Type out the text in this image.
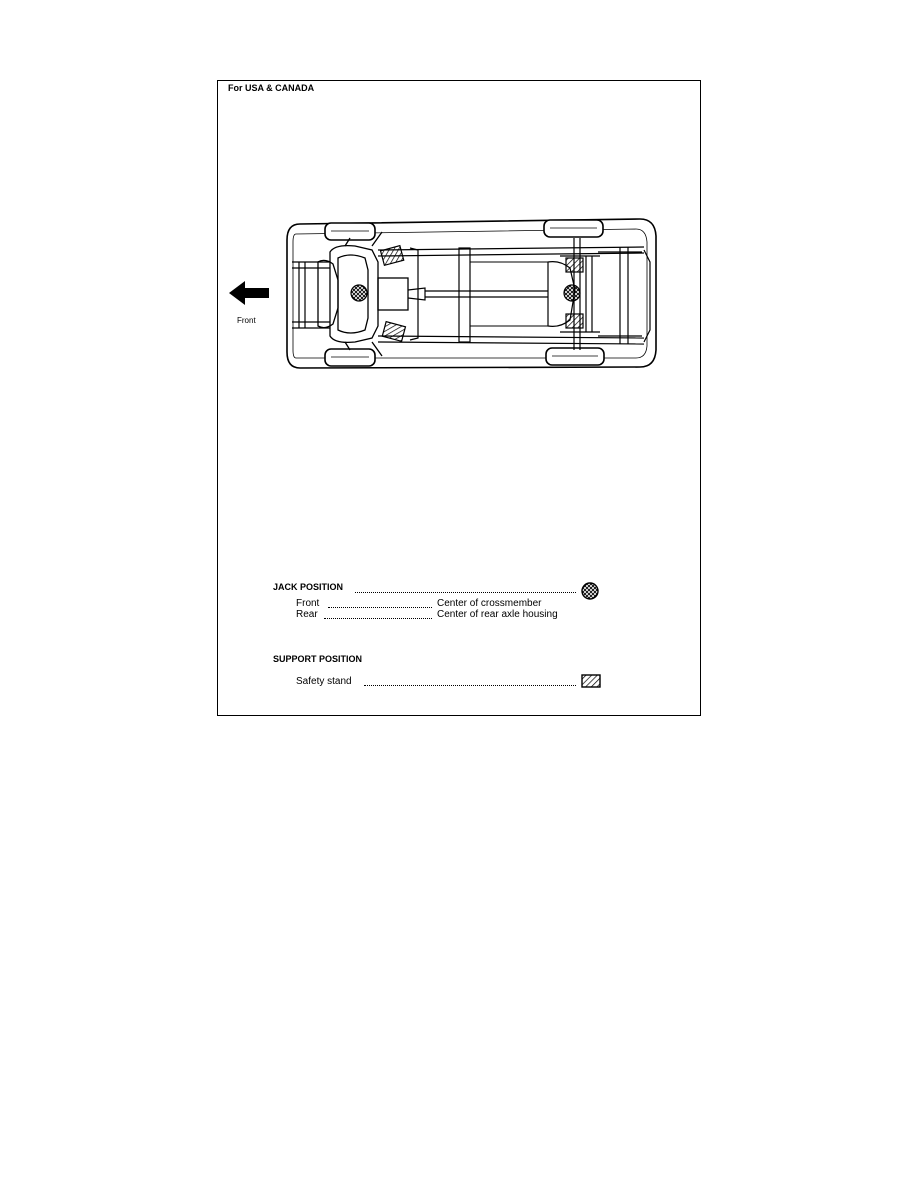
For USA & CANADA
Front
JACK POSITION
Front	Center of crossmember
Rear	Center of rear axle housing
SUPPORT POSITION
Safety stand
